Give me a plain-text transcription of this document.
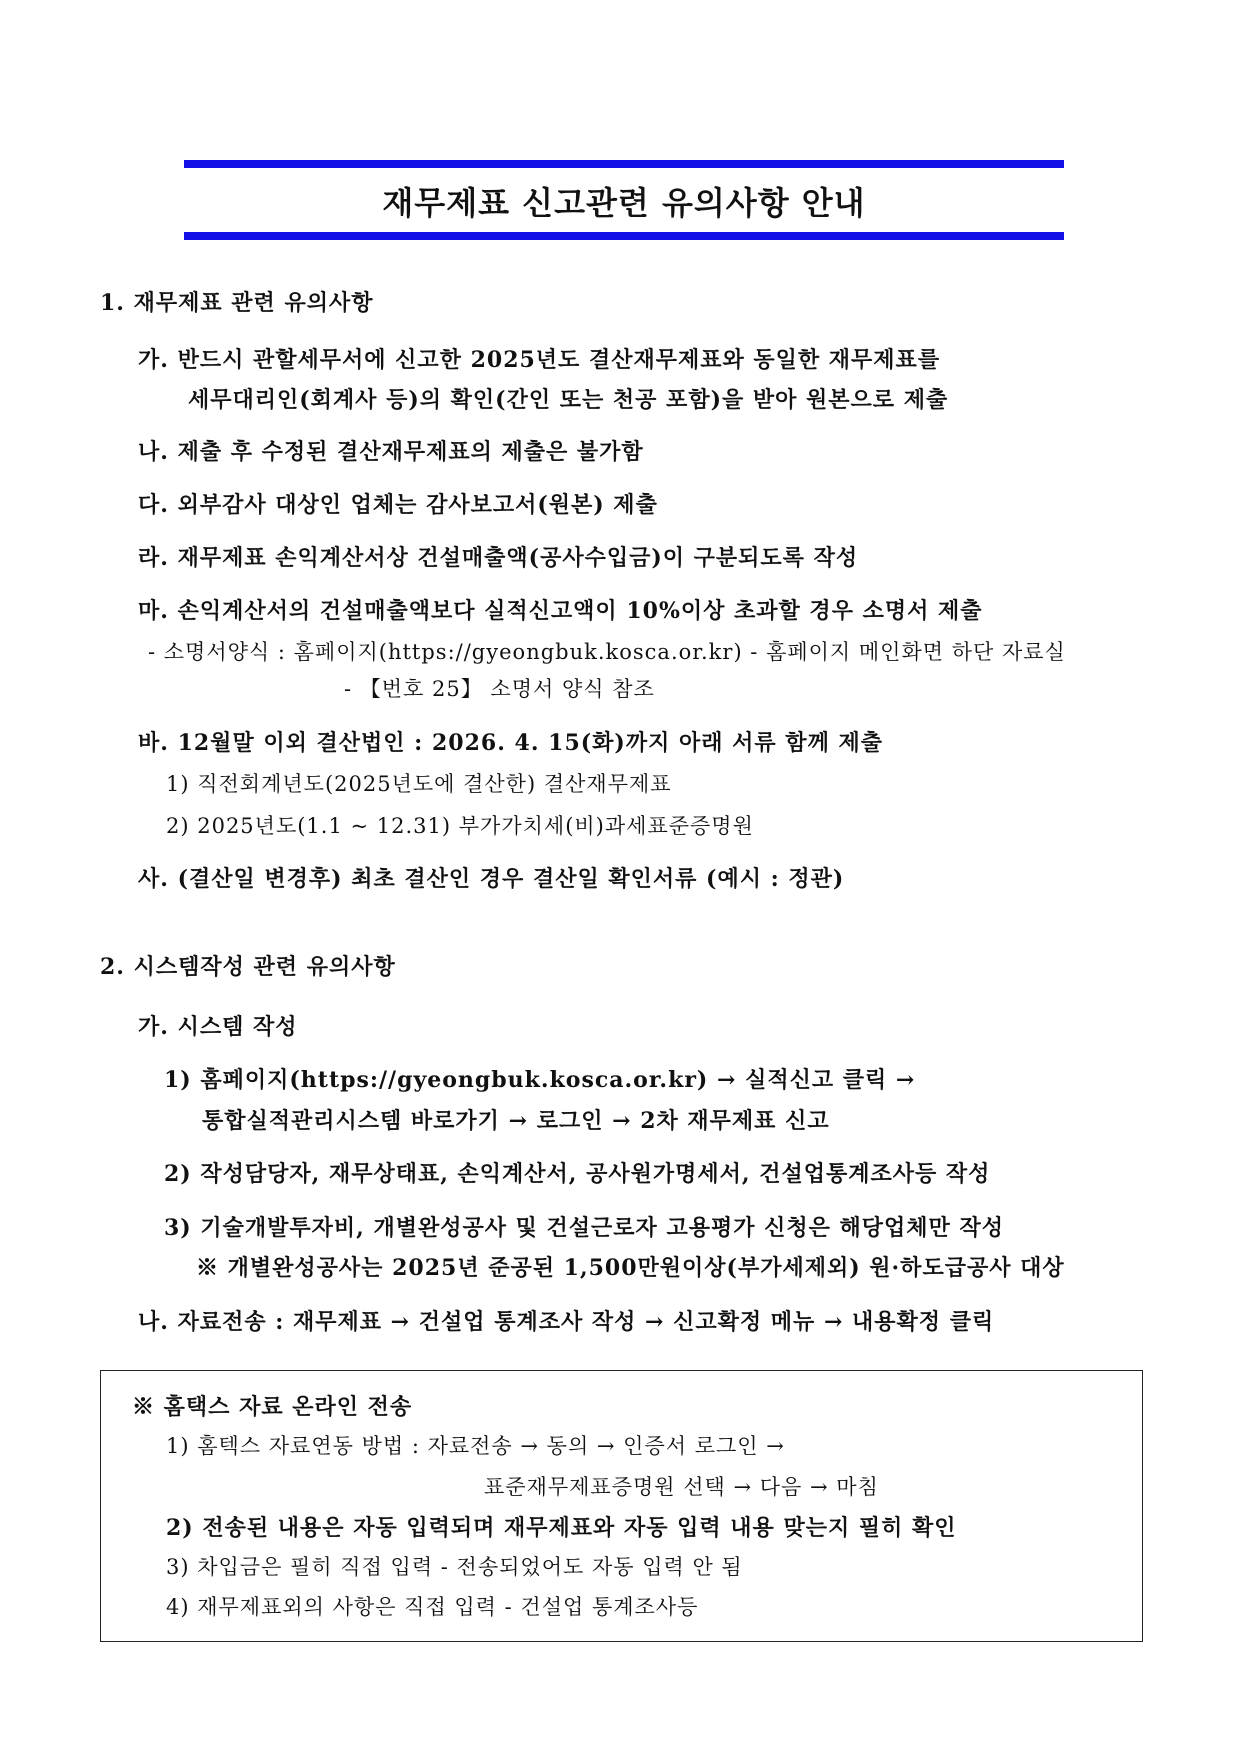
재무제표 신고관련 유의사항 안내
1. 재무제표 관련 유의사항
가. 반드시 관할세무서에 신고한 2025년도 결산재무제표와 동일한 재무제표를
세무대리인(회계사 등)의 확인(간인 또는 천공 포함)을 받아 원본으로 제출
나. 제출 후 수정된 결산재무제표의 제출은 불가함
다. 외부감사 대상인 업체는 감사보고서(원본) 제출
라. 재무제표 손익계산서상 건설매출액(공사수입금)이 구분되도록 작성
마. 손익계산서의 건설매출액보다 실적신고액이 10%이상 초과할 경우 소명서 제출
- 소명서양식 : 홈페이지(https://gyeongbuk.kosca.or.kr) - 홈페이지 메인화면 하단 자료실
- 【번호 25】 소명서 양식 참조
바. 12월말 이외 결산법인 : 2026. 4. 15(화)까지 아래 서류 함께 제출
1) 직전회계년도(2025년도에 결산한) 결산재무제표
2) 2025년도(1.1 ~ 12.31) 부가가치세(비)과세표준증명원
사. (결산일 변경후) 최초 결산인 경우 결산일 확인서류 (예시 : 정관)
2. 시스템작성 관련 유의사항
가. 시스템 작성
1) 홈페이지(https://gyeongbuk.kosca.or.kr) → 실적신고 클릭 →
통합실적관리시스템 바로가기 → 로그인 → 2차 재무제표 신고
2) 작성담당자, 재무상태표, 손익계산서, 공사원가명세서, 건설업통계조사등 작성
3) 기술개발투자비, 개별완성공사 및 건설근로자 고용평가 신청은 해당업체만 작성
※ 개별완성공사는 2025년 준공된 1,500만원이상(부가세제외) 원·하도급공사 대상
나. 자료전송 : 재무제표 → 건설업 통계조사 작성 → 신고확정 메뉴 → 내용확정 클릭
※ 홈택스 자료 온라인 전송
1) 홈텍스 자료연동 방법 : 자료전송 → 동의 → 인증서 로그인 →
표준재무제표증명원 선택 → 다음 → 마침
2) 전송된 내용은 자동 입력되며 재무제표와 자동 입력 내용 맞는지 필히 확인
3) 차입금은 필히 직접 입력 - 전송되었어도 자동 입력 안 됨
4) 재무제표외의 사항은 직접 입력 - 건설업 통계조사등
